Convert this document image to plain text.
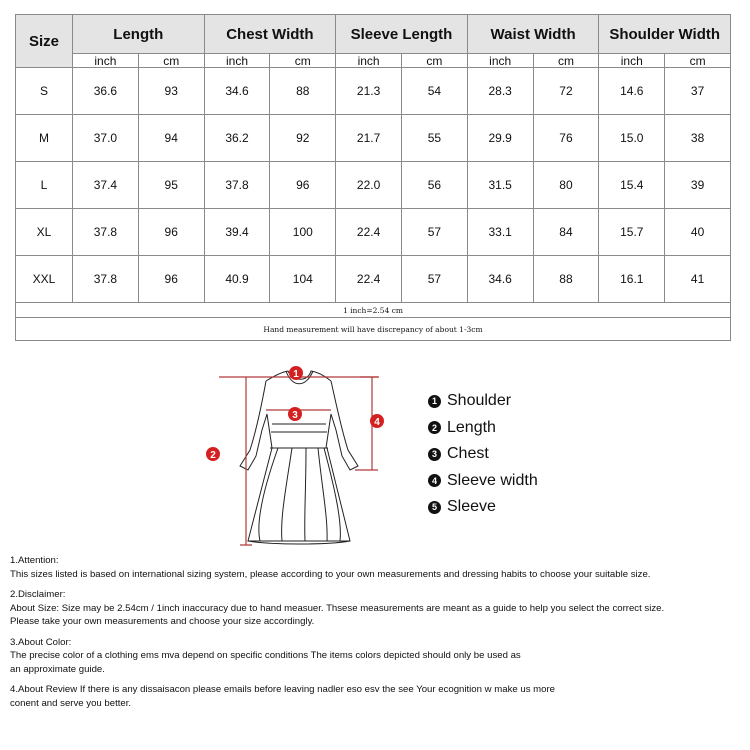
Size	Length		Chest Width		Sleeve Length		Waist Width		Shoulder Width	
	inch	cm	inch	cm	inch	cm	inch	cm	inch	cm
S	36.6	93	34.6	88	21.3	54	28.3	72	14.6	37
M	37.0	94	36.2	92	21.7	55	29.9	76	15.0	38
L	37.4	95	37.8	96	22.0	56	31.5	80	15.4	39
XL	37.8	96	39.4	100	22.4	57	33.1	84	15.7	40
XXL	37.8	96	40.9	104	22.4	57	34.6	88	16.1	41
1 inch=2.54 cm										
Hand measurement will have discrepancy of about 1-3cm										
1
2
3
4
1 Shoulder
2 Length
3 Chest
4 Sleeve width
5 Sleeve

1.Attention:

This sizes listed is based on international sizing system, please according to your own measurements and dressing habits to choose your suitable size.

2.Disclaimer:

About Size: Size may be 2.54cm / 1inch inaccuracy due to hand measuer. Thsese measurements are meant as a guide to help you select the correct size.

Please take your own measurements and choose your size accordingly.

3.About Color:

The precise color of a clothing ems mva depend on specific conditions The items colors depicted should only be used as

an approximate guide.

4.About Review If there is any dissaisacon please emails before leaving nadler eso esv the see Your ecognition w make us more

conent and serve you better.
